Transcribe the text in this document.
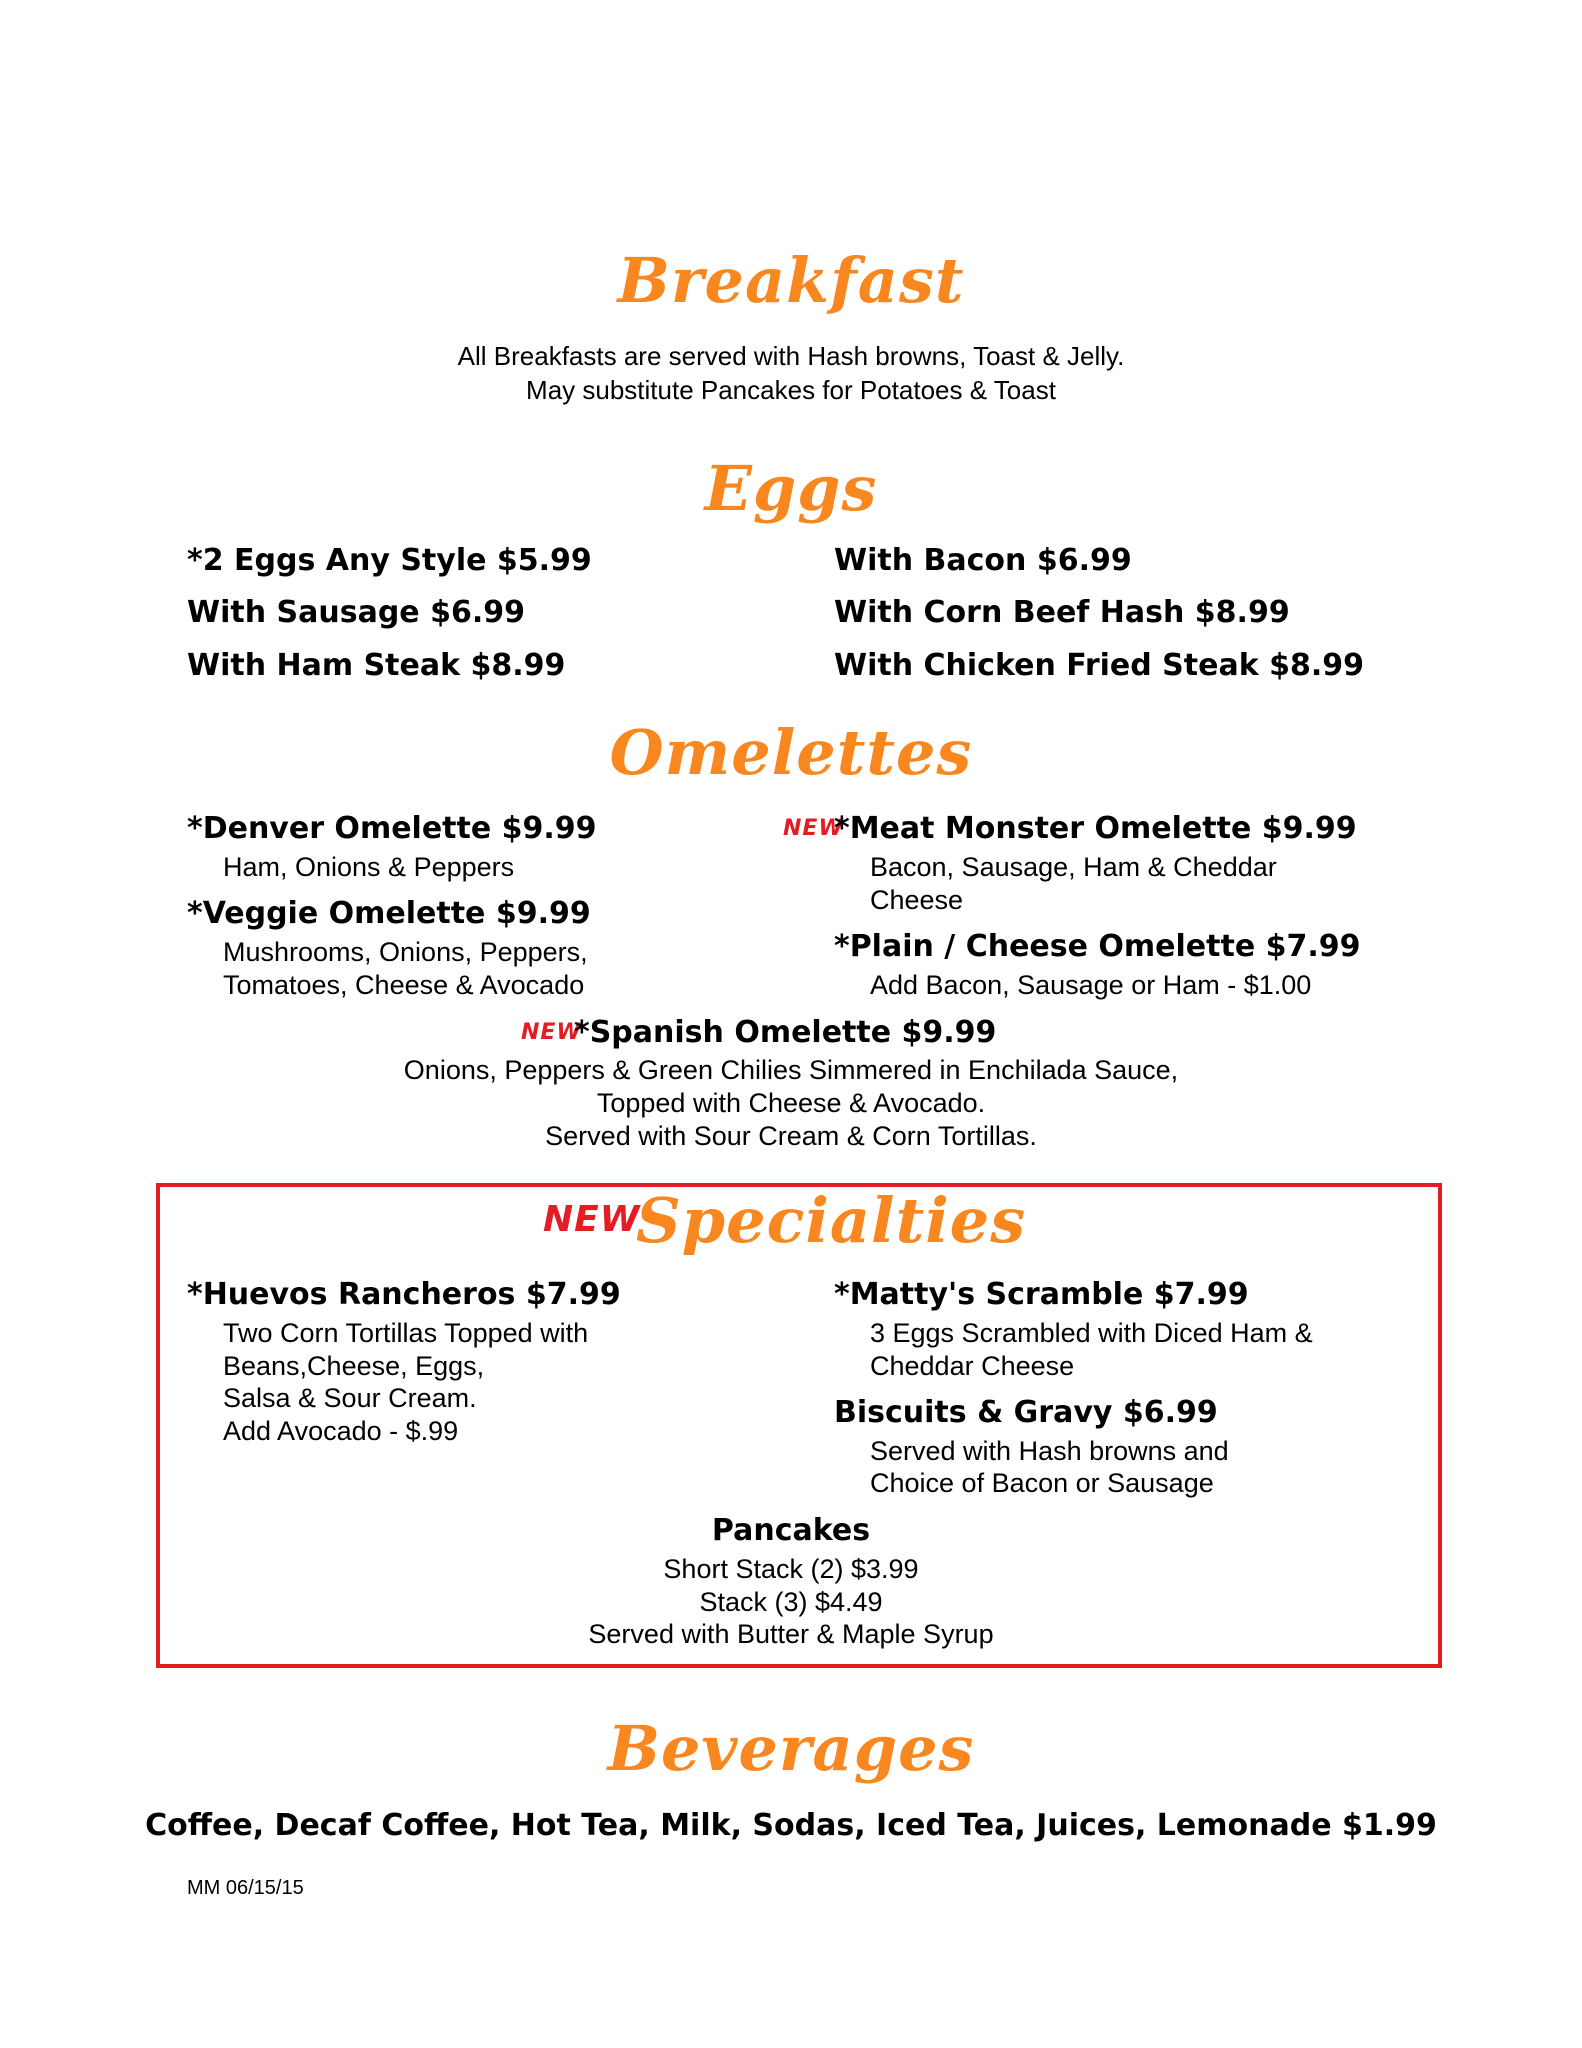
Breakfast

All Breakfasts are served with Hash browns, Toast & Jelly.

May substitute Pancakes for Potatoes & Toast

Eggs

*2 Eggs Any Style $5.99

With Sausage $6.99

With Ham Steak $8.99

With Bacon $6.99

With Corn Beef Hash $8.99

With Chicken Fried Steak $8.99

Omelettes

*Denver Omelette $9.99

Ham, Onions & Peppers

*Veggie Omelette $9.99

Mushrooms, Onions, Peppers,

Tomatoes, Cheese & Avocado

NEW

*Meat Monster Omelette $9.99

Bacon, Sausage, Ham & Cheddar

Cheese

*Plain / Cheese Omelette $7.99

Add Bacon, Sausage or Ham - $1.00

NEW

*Spanish Omelette $9.99

Onions, Peppers & Green Chilies Simmered in Enchilada Sauce,

Topped with Cheese & Avocado.

Served with Sour Cream & Corn Tortillas.

NEW
Specialties

*Huevos Rancheros $7.99

Two Corn Tortillas Topped with

Beans,Cheese, Eggs,

Salsa & Sour Cream.

Add Avocado - $.99

*Matty's Scramble $7.99

3 Eggs Scrambled with Diced Ham &

Cheddar Cheese

Biscuits & Gravy $6.99

Served with Hash browns and

Choice of Bacon or Sausage

Pancakes

Short Stack (2) $3.99

Stack (3) $4.49

Served with Butter & Maple Syrup

Beverages

Coffee, Decaf Coffee, Hot Tea, Milk, Sodas, Iced Tea, Juices, Lemonade $1.99

MM 06/15/15
